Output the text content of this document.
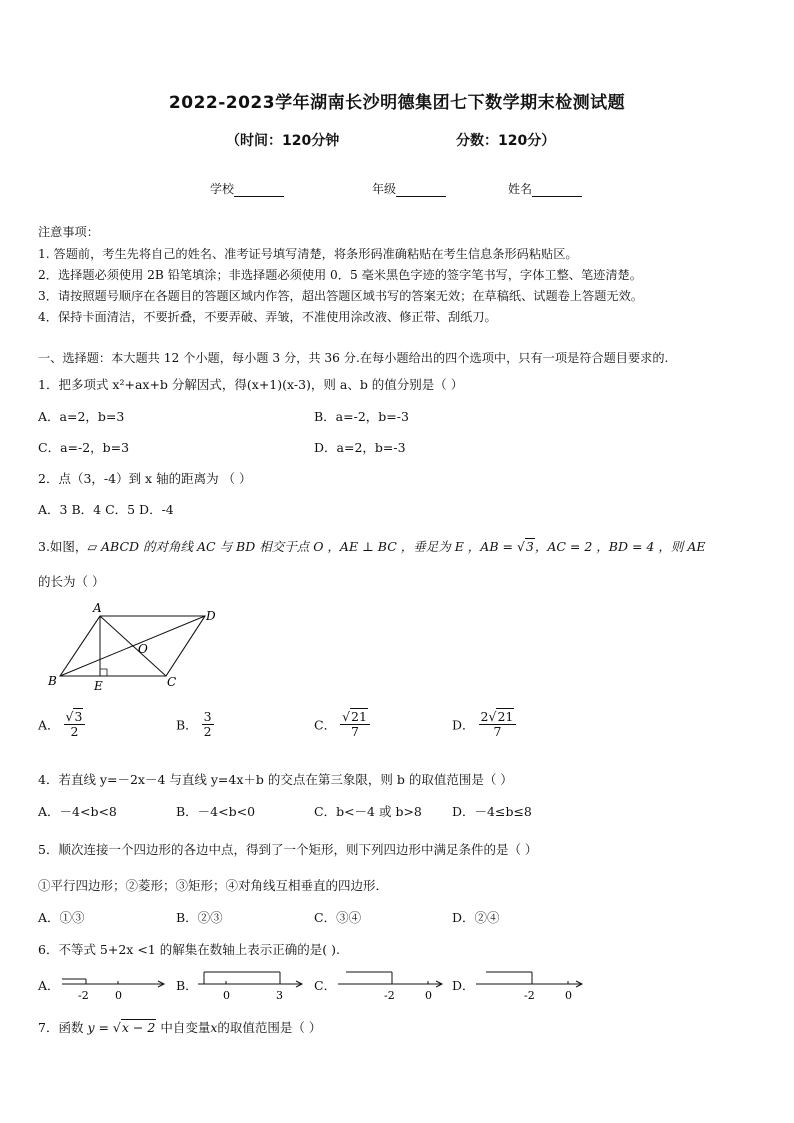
2022-2023学年湖南长沙明德集团七下数学期末检测试题
（时间：120分钟	分数：120分）
学校	年级	姓名
注意事项：
1. 答题前，考生先将自己的姓名、准考证号填写清楚，将条形码准确粘贴在考生信息条形码粘贴区。
2．选择题必须使用 2B 铅笔填涂；非选择题必须使用 0．5 毫米黑色字迹的签字笔书写，字体工整、笔迹清楚。
3．请按照题号顺序在各题目的答题区域内作答，超出答题区域书写的答案无效；在草稿纸、试题卷上答题无效。
4．保持卡面清洁，不要折叠，不要弄破、弄皱，不准使用涂改液、修正带、刮纸刀。
一、选择题：本大题共 12 个小题，每小题 3 分，共 36 分.在每小题给出的四个选项中，只有一项是符合题目要求的.
1．把多项式 x²+ax+b 分解因式，得(x+1)(x-3)，则 a、b 的值分别是（ ）
A．a=2，b=3	B．a=-2，b=-3
C．a=-2，b=3	D．a=2，b=-3
2．点（3，-4）到 x 轴的距离为 （ ）
A．3 B．4 C．5 D．-4
3.如图，▱ ABCD 的对角线 AC 与 BD 相交于点 O ，AE ⊥ BC ，垂足为 E ，AB = √3，AC = 2 ，BD = 4 ，则 AE
的长为（ ）
A
D
O
B	C
E
A． $\frac{√3}{2}$	B． $\frac{3}{2}$	C． $\frac{√21}{7}$	D． $\frac{2√21}{7}$
4．若直线 y=－2x－4 与直线 y=4x＋b 的交点在第三象限，则 b 的取值范围是（ ）
A．－4<b<8	B．－4<b<0	C．b<－4 或 b>8 D．－4≤b≤8
5．顺次连接一个四边形的各边中点，得到了一个矩形，则下列四边形中满足条件的是（ ）
①平行四边形；②菱形；③矩形；④对角线互相垂直的四边形．
A．①③	B．②③	C．③④	D．②④
6．不等式 5+2x <1 的解集在数轴上表示正确的是( ).
A．
-2 0
B．
0	3
C．
-2	0
D．
-2	0
7．函数 y = √x − 2 中自变量x的取值范围是（ ）
